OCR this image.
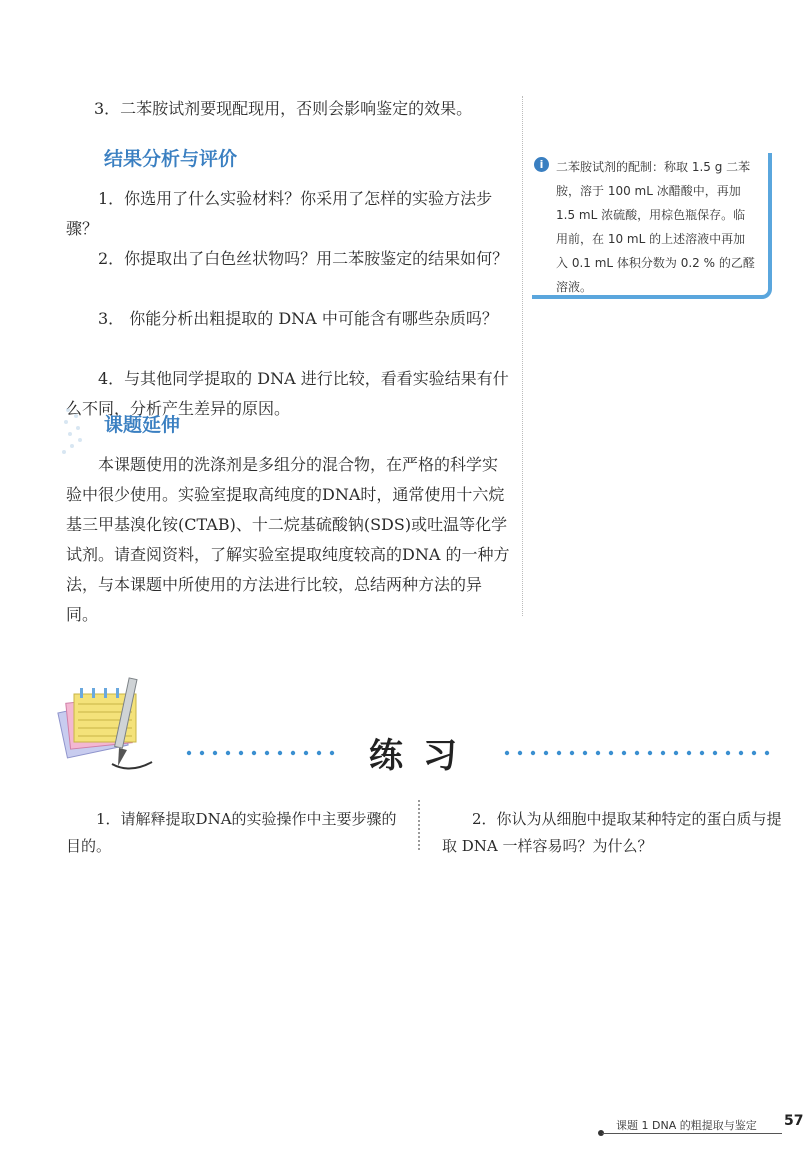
3．二苯胺试剂要现配现用，否则会影响鉴定的效果。

结果分析与评价

1．你选用了什么实验材料？你采用了怎样的实验方法步骤？

2．你提取出了白色丝状物吗？用二苯胺鉴定的结果如何？

3． 你能分析出粗提取的 DNA 中可能含有哪些杂质吗？

4．与其他同学提取的 DNA 进行比较，看看实验结果有什么不同，分析产生差异的原因。

课题延伸

本课题使用的洗涤剂是多组分的混合物，在严格的科学实验中很少使用。实验室提取高纯度的DNA时，通常使用十六烷基三甲基溴化铵(CTAB)、十二烷基硫酸钠(SDS)或吐温等化学试剂。请查阅资料，了解实验室提取纯度较高的DNA 的一种方法，与本课题中所使用的方法进行比较，总结两种方法的异同。

i	二苯胺试剂的配制：称取 1.5 g 二苯胺，溶于 100 mL 冰醋酸中，再加 1.5 mL 浓硫酸，用棕色瓶保存。临用前，在 10 mL 的上述溶液中再加入 0.1 mL 体积分数为 0.2 % 的乙醛溶液。
练习

1．请解释提取DNA的实验操作中主要步骤的目的。

2．你认为从细胞中提取某种特定的蛋白质与提取 DNA 一样容易吗？为什么？

课题 1 DNA 的粗提取与鉴定 57
